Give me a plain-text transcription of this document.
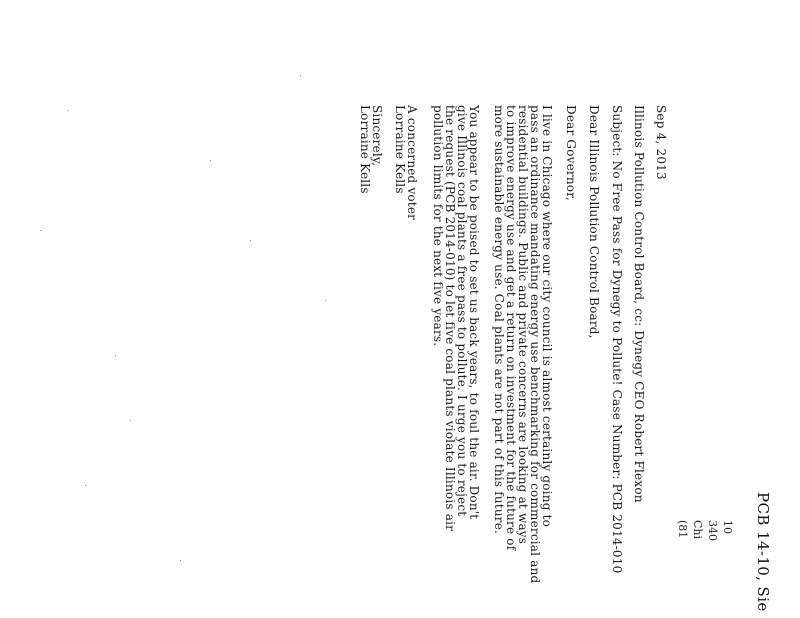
PCB 14-10, Sie
10
340
Chi
(81
Sep 4, 2013
Illinois Pollution Control Board, cc: Dynegy CEO Robert Flexon
Subject: No Free Pass for Dynegy to Pollute! Case Number: PCB 2014-010
Dear Illinois Pollution Control Board,
Dear Governor,
I live in Chicago where our city council is almost certainly going to
pass an ordinance mandating energy use benchmarking for commercial and
residential buildings. Public and private concerns are looking at ways
to improve energy use and get a return on investment for the future of
more sustainable energy use. Coal plants are not part of this future.
You appear to be poised to set us back years, to foul the air. Don't
give Illinois coal plants a free pass to pollute. I urge you to reject
the request (PCB 2014-010) to let five coal plants violate Illinois air
pollution limits for the next five years.
A concerned voter
Lorraine Kells
Sincerely,
Lorraine Kells
